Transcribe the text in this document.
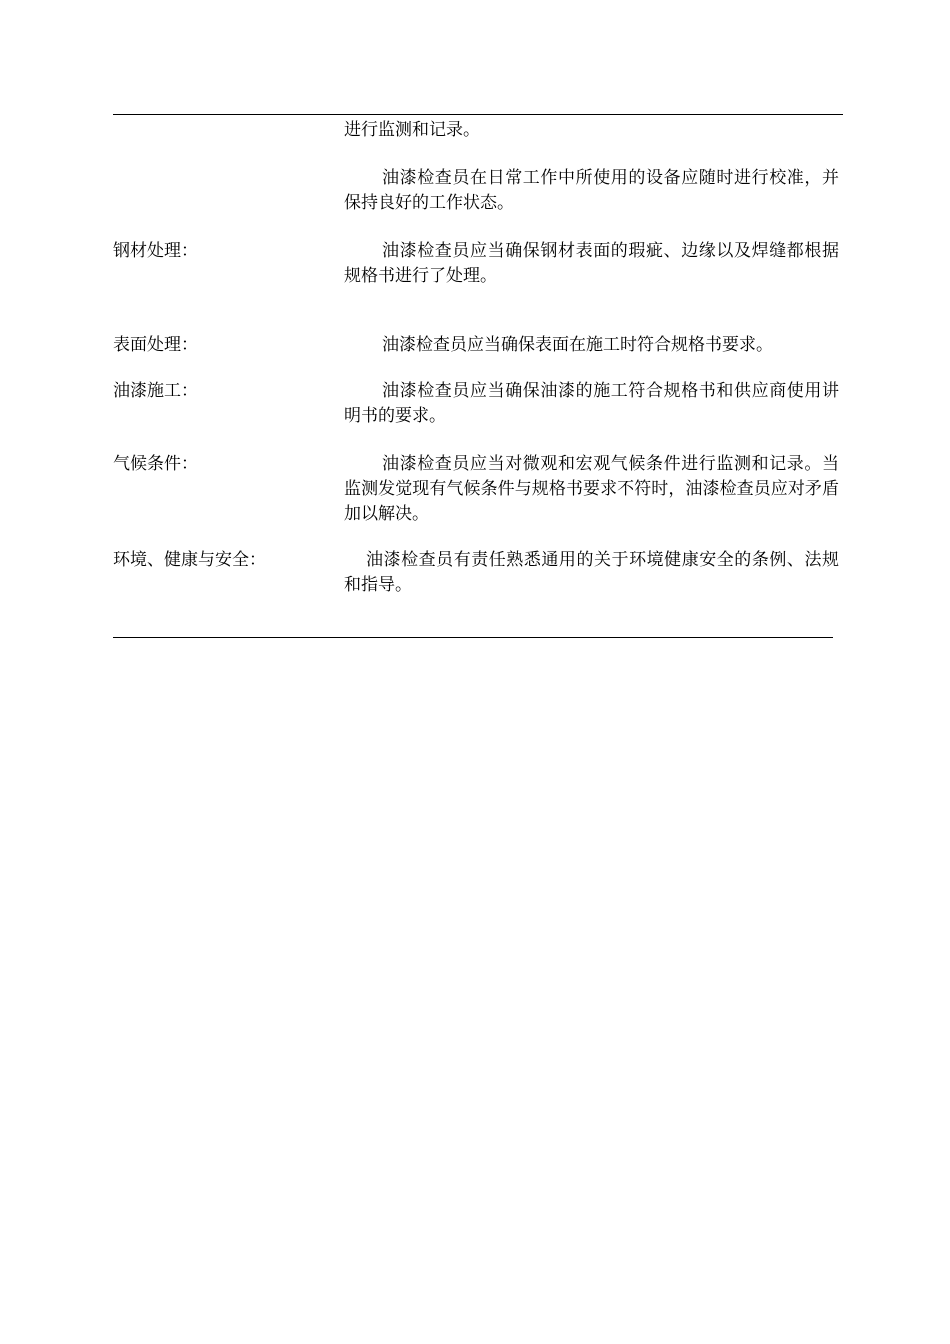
进行监测和记录。
油漆检查员在日常工作中所使用的设备应随时进行校准，并保持良好的工作状态。
钢材处理：	油漆检查员应当确保钢材表面的瑕疵、边缘以及焊缝都根据规格书进行了处理。
表面处理：	油漆检查员应当确保表面在施工时符合规格书要求。
油漆施工：	油漆检查员应当确保油漆的施工符合规格书和供应商使用讲明书的要求。
气候条件：	油漆检查员应当对微观和宏观气候条件进行监测和记录。当监测发觉现有气候条件与规格书要求不符时，油漆检查员应对矛盾加以解决。
环境、健康与安全：	油漆检查员有责任熟悉通用的关于环境健康安全的条例、法规和指导。
